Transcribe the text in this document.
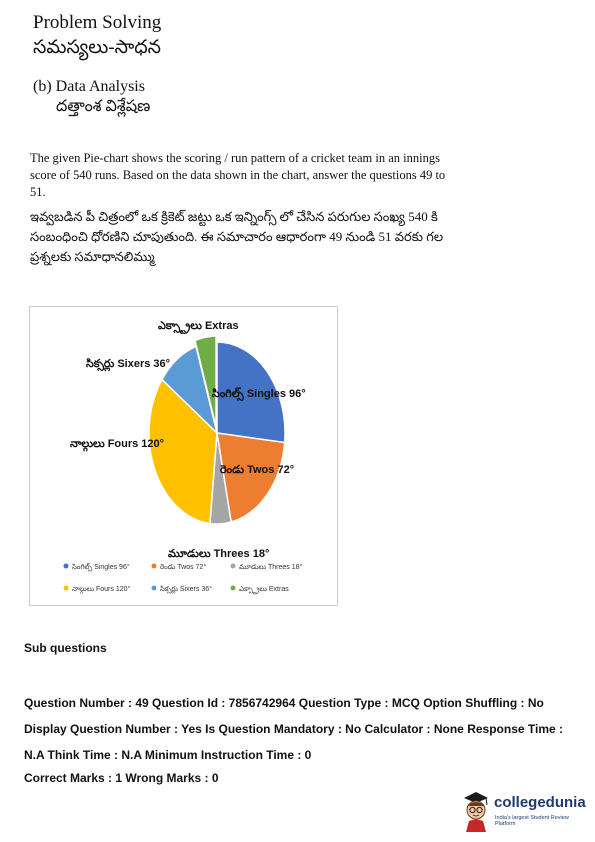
Problem Solving
సమస్యలు-సాధన
(b) Data Analysis
దత్తాంశ విశ్లేషణ
The given Pie-chart shows the scoring / run pattern of a cricket team in an innings score of 540 runs. Based on the data shown in the chart, answer the questions 49 to 51.
ఇవ్వబడిన పీ చిత్రంలో ఒక క్రికెట్ జట్టు ఒక ఇన్నింగ్స్ లో చేసిన పరుగుల సంఖ్య 540 కి సంబంధించి ధోరణిని చూపుతుంది. ఈ సమాచారం ఆధారంగా 49 నుండి 51 వరకు గల ప్రశ్నలకు సమాధానలిమ్ము
సింగిల్స్ Singles 96°
రెండు Twos 72°
మూడులు Threes 18°
నాల్గులు Fours 120°
సిక్సర్లు Sixers 36°
ఎక్స్ట్రాలు Extras
సింగిల్స్ Singles 96°	రెండు Twos 72°	మూడులు Threes 18°
నాల్గులు Fours 120°	సిక్సర్లు Sixers 36°	ఎక్స్ట్రాలు Extras
Sub questions
Question Number : 49 Question Id : 7856742964 Question Type : MCQ Option Shuffling : No Display Question Number : Yes Is Question Mandatory : No Calculator : None Response Time : N.A Think Time : N.A Minimum Instruction Time : 0
Correct Marks : 1 Wrong Marks : 0
collegedunia
India's largest Student Review Platform
